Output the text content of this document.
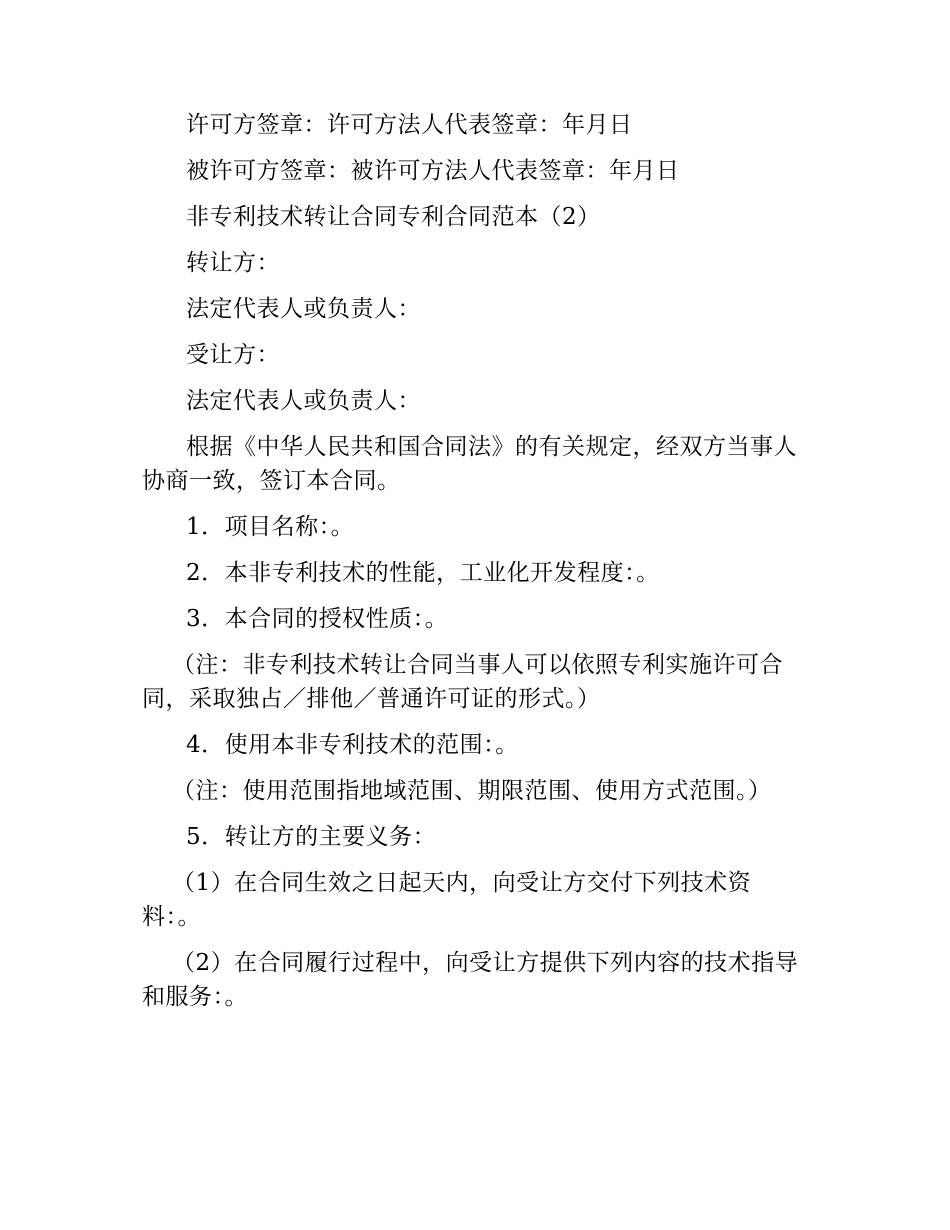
许可方签章：许可方法人代表签章：年月日

被许可方签章：被许可方法人代表签章：年月日

非专利技术转让合同专利合同范本（2）

转让方：

法定代表人或负责人：

受让方：

法定代表人或负责人：

根据《中华人民共和国合同法》的有关规定，经双方当事人协商一致，签订本合同。

1．项目名称：。

2．本非专利技术的性能，工业化开发程度：。

3．本合同的授权性质：。

（注：非专利技术转让合同当事人可以依照专利实施许可合同，采取独占／排他／普通许可证的形式。）

4．使用本非专利技术的范围：。

（注：使用范围指地域范围、期限范围、使用方式范围。）

5．转让方的主要义务：

（1）在合同生效之日起天内，向受让方交付下列技术资料：。

（2）在合同履行过程中，向受让方提供下列内容的技术指导和服务：。
